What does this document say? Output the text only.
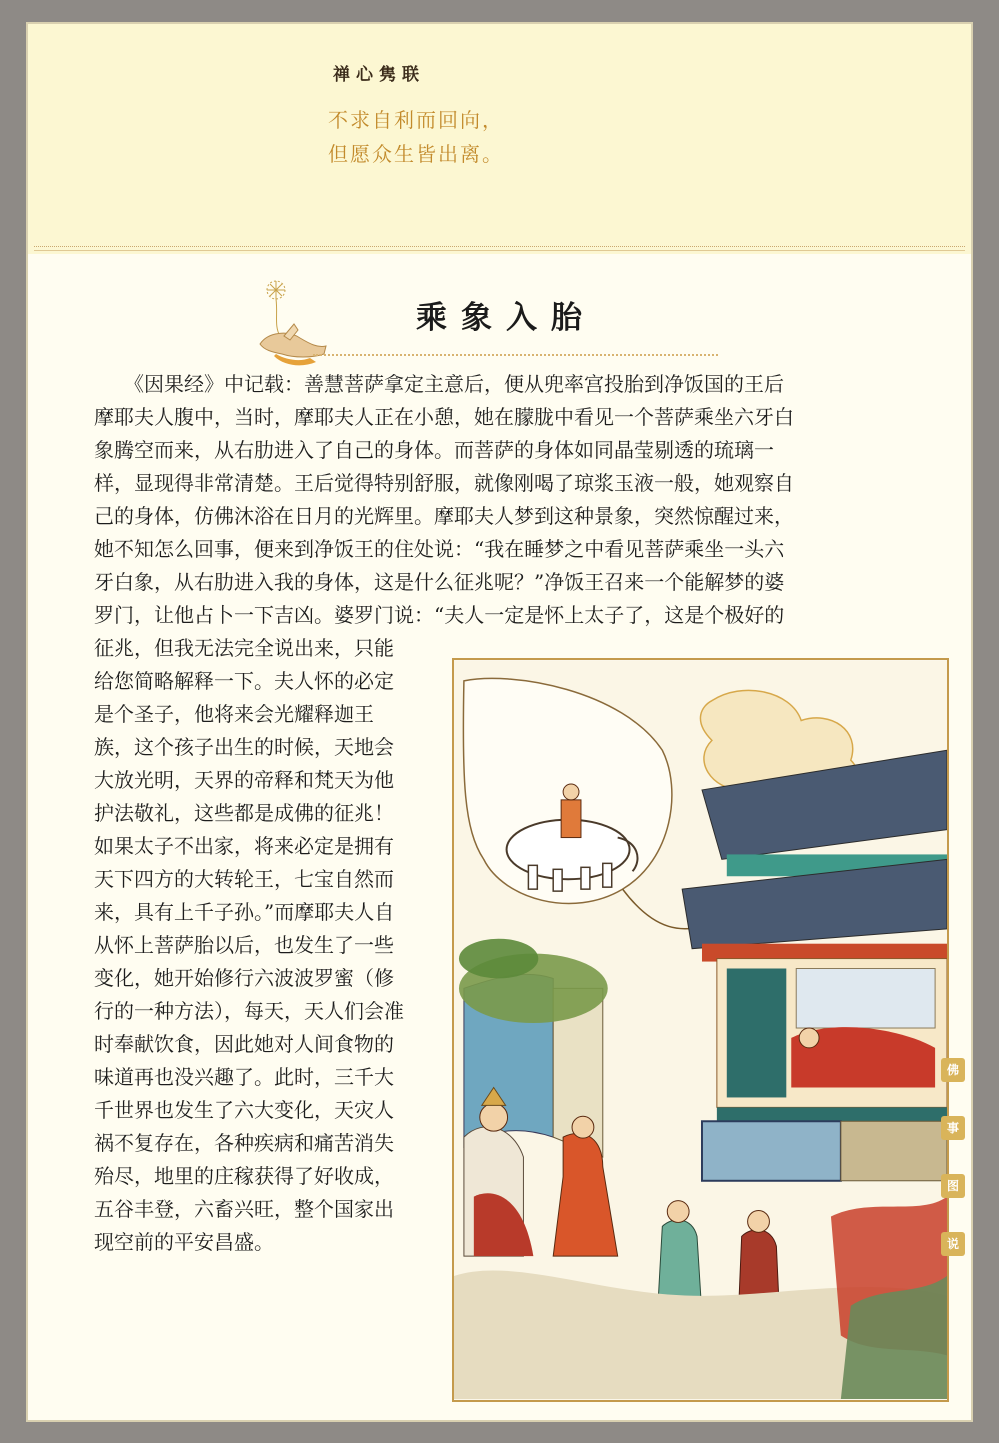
禅心隽联
不求自利而回向，
但愿众生皆出离。
乘象入胎
　　《因果经》中记载：善慧菩萨拿定主意后，便从兜率宫投胎到净饭国的王后
摩耶夫人腹中，当时，摩耶夫人正在小憩，她在朦胧中看见一个菩萨乘坐六牙白
象腾空而来，从右肋进入了自己的身体。而菩萨的身体如同晶莹剔透的琉璃一
样，显现得非常清楚。王后觉得特别舒服，就像刚喝了琼浆玉液一般，她观察自
己的身体，仿佛沐浴在日月的光辉里。摩耶夫人梦到这种景象，突然惊醒过来，
她不知怎么回事，便来到净饭王的住处说：“我在睡梦之中看见菩萨乘坐一头六
牙白象，从右肋进入我的身体，这是什么征兆呢？”净饭王召来一个能解梦的婆
罗门，让他占卜一下吉凶。婆罗门说：“夫人一定是怀上太子了，这是个极好的
征兆，但我无法完全说出来，只能
给您简略解释一下。夫人怀的必定
是个圣子，他将来会光耀释迦王
族，这个孩子出生的时候，天地会
大放光明，天界的帝释和梵天为他
护法敬礼，这些都是成佛的征兆！
如果太子不出家，将来必定是拥有
天下四方的大转轮王，七宝自然而
来，具有上千子孙。”而摩耶夫人自
从怀上菩萨胎以后，也发生了一些
变化，她开始修行六波波罗蜜（修
行的一种方法），每天，天人们会准
时奉献饮食，因此她对人间食物的
味道再也没兴趣了。此时，三千大
千世界也发生了六大变化，天灾人
祸不复存在，各种疾病和痛苦消失
殆尽，地里的庄稼获得了好收成，
五谷丰登，六畜兴旺，整个国家出
现空前的平安昌盛。
佛
事
图
说
